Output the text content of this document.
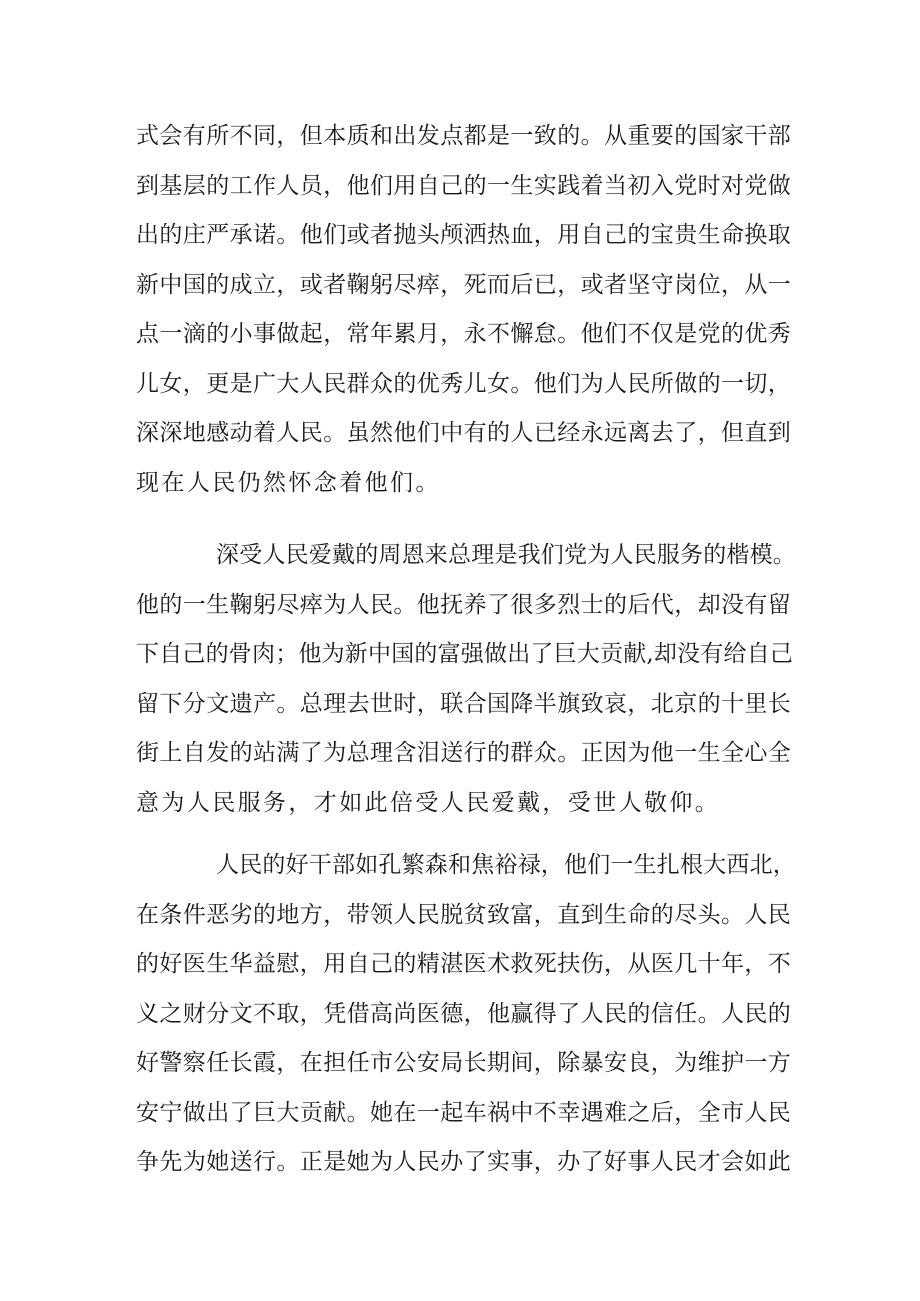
式会有所不同，但本质和出发点都是一致的。从重要的国家干部
到基层的工作人员，他们用自己的一生实践着当初入党时对党做
出的庄严承诺。他们或者抛头颅洒热血，用自己的宝贵生命换取
新中国的成立，或者鞠躬尽瘁，死而后已，或者坚守岗位，从一
点一滴的小事做起，常年累月，永不懈怠。他们不仅是党的优秀
儿女，更是广大人民群众的优秀儿女。他们为人民所做的一切，
深深地感动着人民。虽然他们中有的人已经永远离去了，但直到
现在人民仍然怀念着他们。
深受人民爱戴的周恩来总理是我们党为人民服务的楷模。
他的一生鞠躬尽瘁为人民。他抚养了很多烈士的后代，却没有留
下自己的骨肉；他为新中国的富强做出了巨大贡献,却没有给自己
留下分文遗产。总理去世时，联合国降半旗致哀，北京的十里长
街上自发的站满了为总理含泪送行的群众。正因为他一生全心全
意为人民服务，才如此倍受人民爱戴，受世人敬仰。
人民的好干部如孔繁森和焦裕禄，他们一生扎根大西北，
在条件恶劣的地方，带领人民脱贫致富，直到生命的尽头。人民
的好医生华益慰，用自己的精湛医术救死扶伤，从医几十年，不
义之财分文不取，凭借高尚医德，他赢得了人民的信任。人民的
好警察任长霞，在担任市公安局长期间，除暴安良，为维护一方
安宁做出了巨大贡献。她在一起车祸中不幸遇难之后，全市人民
争先为她送行。正是她为人民办了实事，办了好事人民才会如此
